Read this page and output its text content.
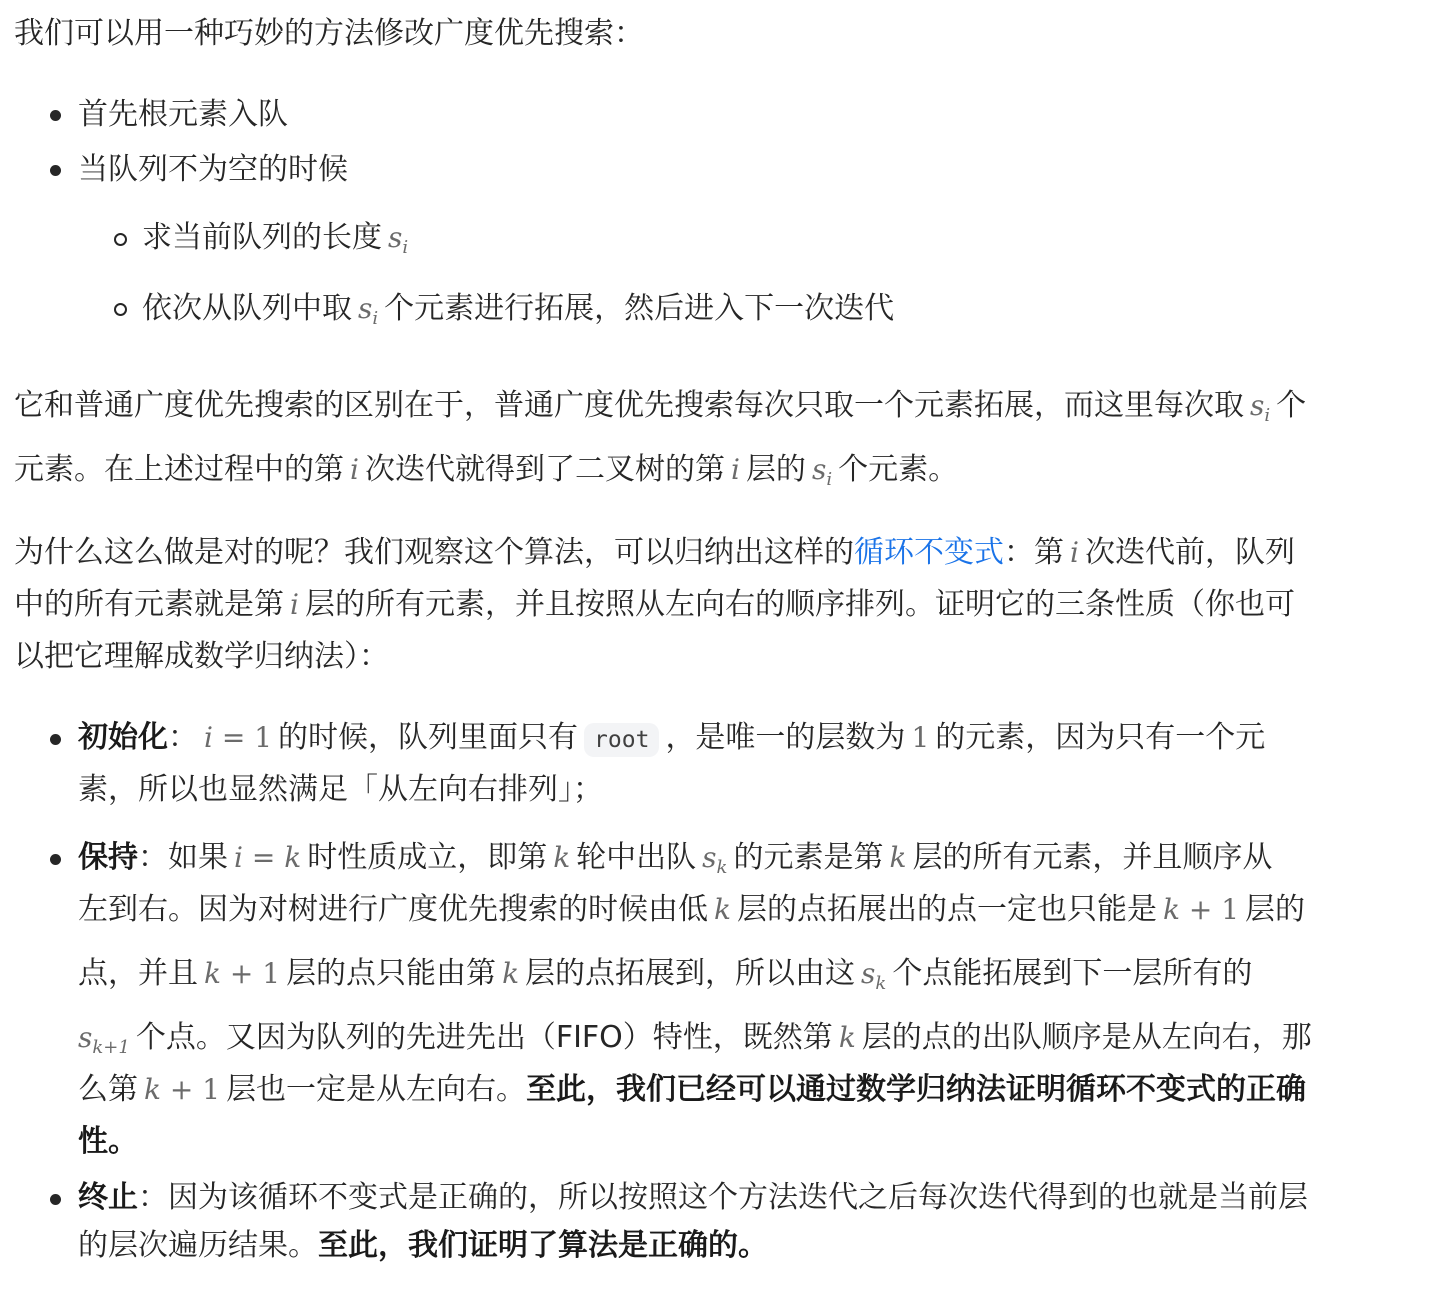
我们可以用一种巧妙的方法修改广度优先搜索：
首先根元素入队
当队列不为空的时候
求当前队列的长度 $s_i$
依次从队列中取 $s_i$ 个元素进行拓展，然后进入下一次迭代
它和普通广度优先搜索的区别在于，普通广度优先搜索每次只取一个元素拓展，而这里每次取 $s_i$ 个
元素。在上述过程中的第 i 次迭代就得到了二叉树的第 i 层的 $s_i$ 个元素。
为什么这么做是对的呢？我们观察这个算法，可以归纳出这样的循环不变式：第 i 次迭代前，队列
中的所有元素就是第 i 层的所有元素，并且按照从左向右的顺序排列。证明它的三条性质（你也可
以把它理解成数学归纳法）：
初始化： i = 1 的时候，队列里面只有 root ，是唯一的层数为 1 的元素，因为只有一个元
素，所以也显然满足「从左向右排列」；
保持：如果 i = k 时性质成立，即第 k 轮中出队 $s_k$ 的元素是第 k 层的所有元素，并且顺序从
左到右。因为对树进行广度优先搜索的时候由低 k 层的点拓展出的点一定也只能是 k + 1 层的
点，并且 k + 1 层的点只能由第 k 层的点拓展到，所以由这 $s_k$ 个点能拓展到下一层所有的
$s_{k+1}$ 个点。又因为队列的先进先出（FIFO）特性，既然第 k 层的点的出队顺序是从左向右，那
么第 k + 1 层也一定是从左向右。至此，我们已经可以通过数学归纳法证明循环不变式的正确
性。
终止：因为该循环不变式是正确的，所以按照这个方法迭代之后每次迭代得到的也就是当前层
的层次遍历结果。至此，我们证明了算法是正确的。
